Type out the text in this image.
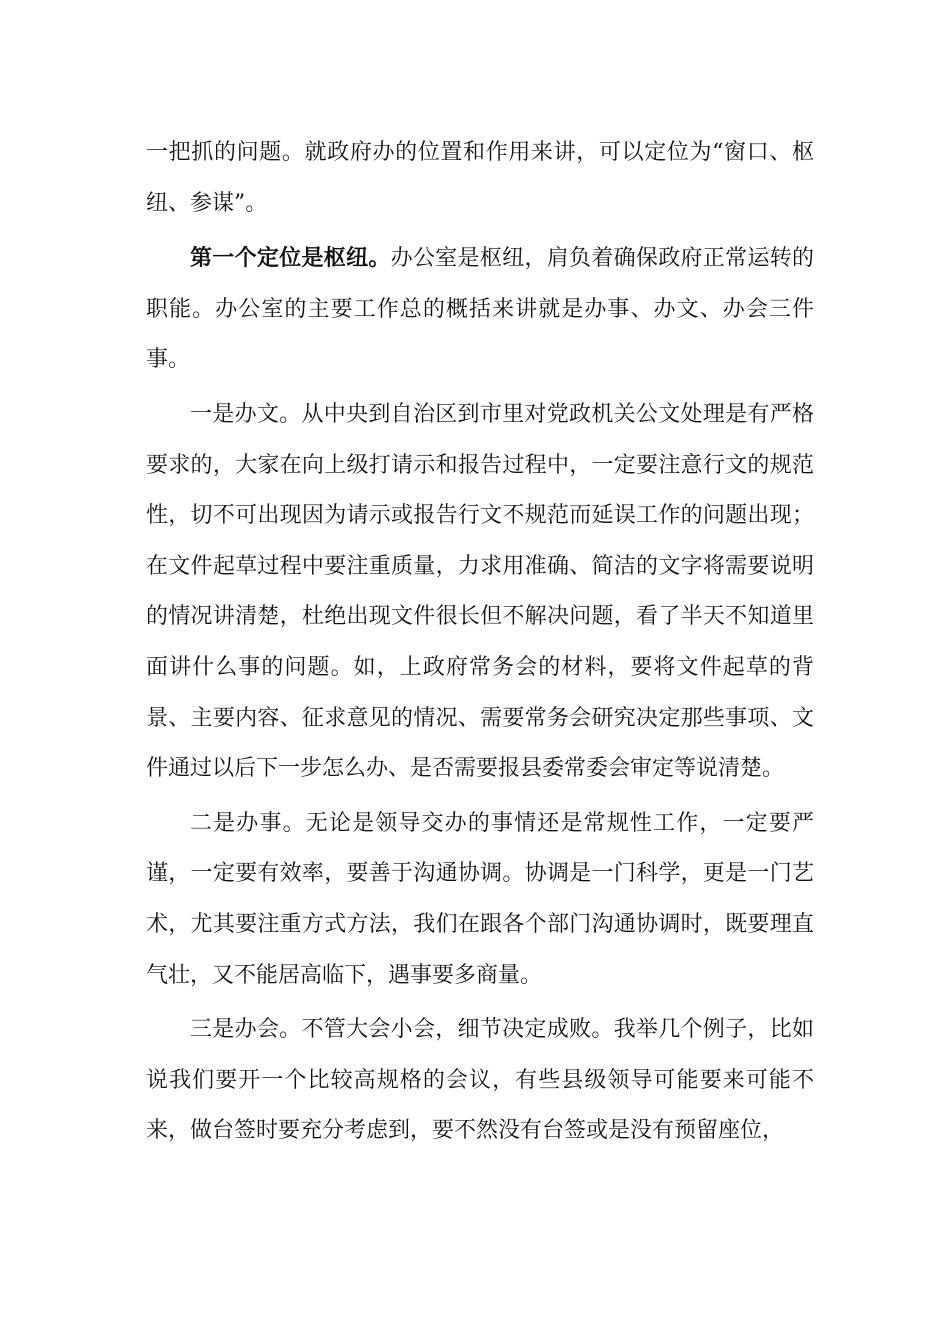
一把抓的问题。就政府办的位置和作用来讲，可以定位为“窗口、枢纽、参谋”。

第一个定位是枢纽。办公室是枢纽，肩负着确保政府正常运转的职能。办公室的主要工作总的概括来讲就是办事、办文、办会三件事。

一是办文。从中央到自治区到市里对党政机关公文处理是有严格要求的，大家在向上级打请示和报告过程中，一定要注意行文的规范性，切不可出现因为请示或报告行文不规范而延误工作的问题出现；在文件起草过程中要注重质量，力求用准确、简洁的文字将需要说明的情况讲清楚，杜绝出现文件很长但不解决问题，看了半天不知道里面讲什么事的问题。如，上政府常务会的材料，要将文件起草的背景、主要内容、征求意见的情况、需要常务会研究决定那些事项、文件通过以后下一步怎么办、是否需要报县委常委会审定等说清楚。

二是办事。无论是领导交办的事情还是常规性工作，一定要严谨，一定要有效率，要善于沟通协调。协调是一门科学，更是一门艺术，尤其要注重方式方法，我们在跟各个部门沟通协调时，既要理直气壮，又不能居高临下，遇事要多商量。

三是办会。不管大会小会，细节决定成败。我举几个例子，比如说我们要开一个比较高规格的会议，有些县级领导可能要来可能不来，做台签时要充分考虑到，要不然没有台签或是没有预留座位，
